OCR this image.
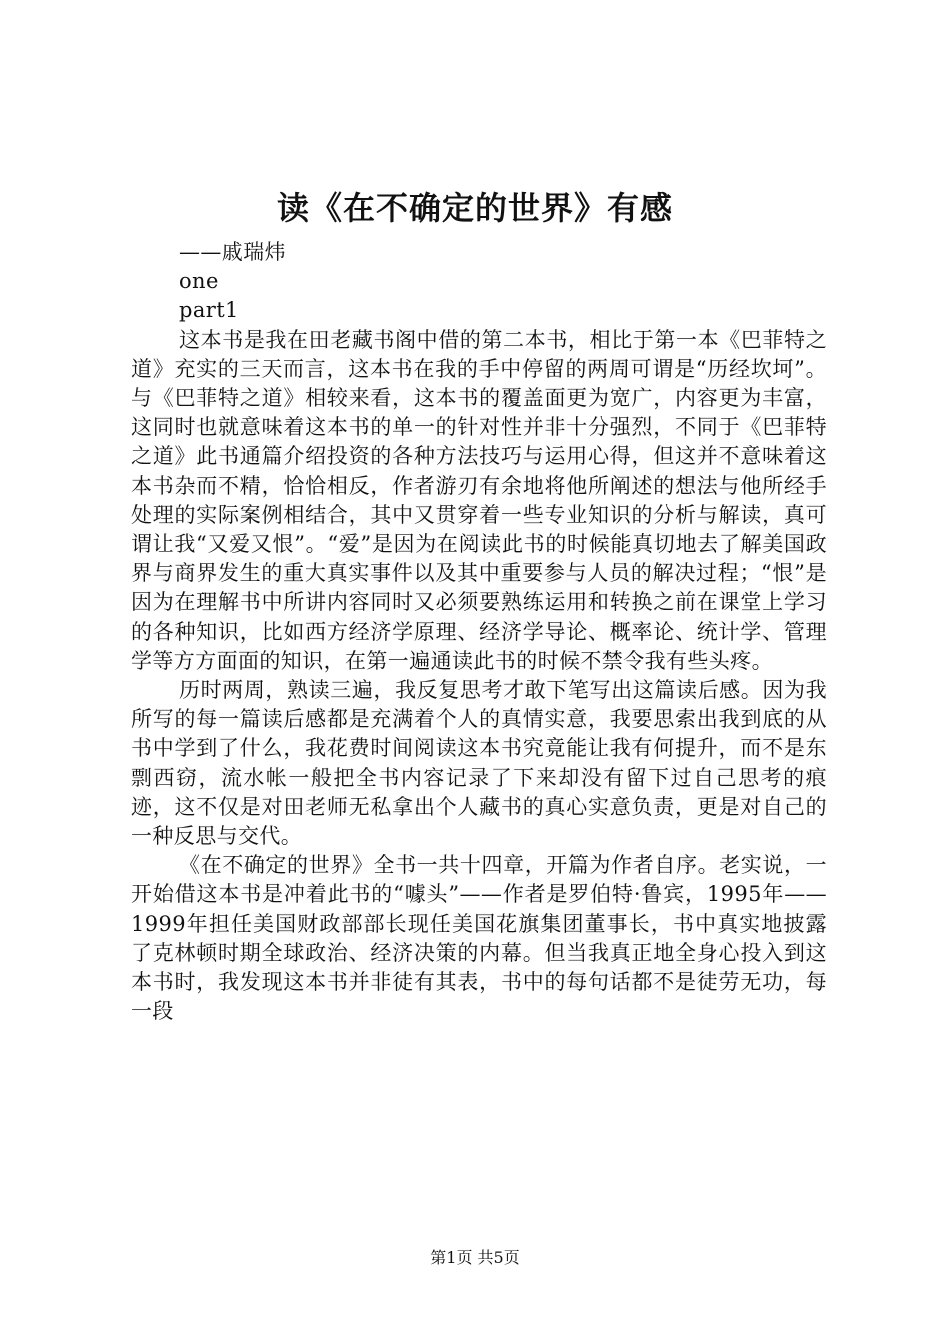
读《在不确定的世界》有感

——戚瑞炜

one

part1

这本书是我在田老藏书阁中借的第二本书，相比于第一本《巴菲特之道》充实的三天而言，这本书在我的手中停留的两周可谓是“历经坎坷”。与《巴菲特之道》相较来看，这本书的覆盖面更为宽广，内容更为丰富，这同时也就意味着这本书的单一的针对性并非十分强烈，不同于《巴菲特之道》此书通篇介绍投资的各种方法技巧与运用心得，但这并不意味着这本书杂而不精，恰恰相反，作者游刃有余地将他所阐述的想法与他所经手处理的实际案例相结合，其中又贯穿着一些专业知识的分析与解读，真可谓让我“又爱又恨”。“爱”是因为在阅读此书的时候能真切地去了解美国政界与商界发生的重大真实事件以及其中重要参与人员的解决过程；“恨”是因为在理解书中所讲内容同时又必须要熟练运用和转换之前在课堂上学习的各种知识，比如西方经济学原理、经济学导论、概率论、统计学、管理学等方方面面的知识，在第一遍通读此书的时候不禁令我有些头疼。

历时两周，熟读三遍，我反复思考才敢下笔写出这篇读后感。因为我所写的每一篇读后感都是充满着个人的真情实意，我要思索出我到底的从书中学到了什么，我花费时间阅读这本书究竟能让我有何提升，而不是东剽西窃，流水帐一般把全书内容记录了下来却没有留下过自己思考的痕迹，这不仅是对田老师无私拿出个人藏书的真心实意负责，更是对自己的一种反思与交代。

《在不确定的世界》全书一共十四章，开篇为作者自序。老实说，一开始借这本书是冲着此书的“噱头”——作者是罗伯特·鲁宾，1995年——1999年担任美国财政部部长现任美国花旗集团董事长，书中真实地披露了克林顿时期全球政治、经济决策的内幕。但当我真正地全身心投入到这本书时，我发现这本书并非徒有其表，书中的每句话都不是徒劳无功，每一段

第1页 共5页
